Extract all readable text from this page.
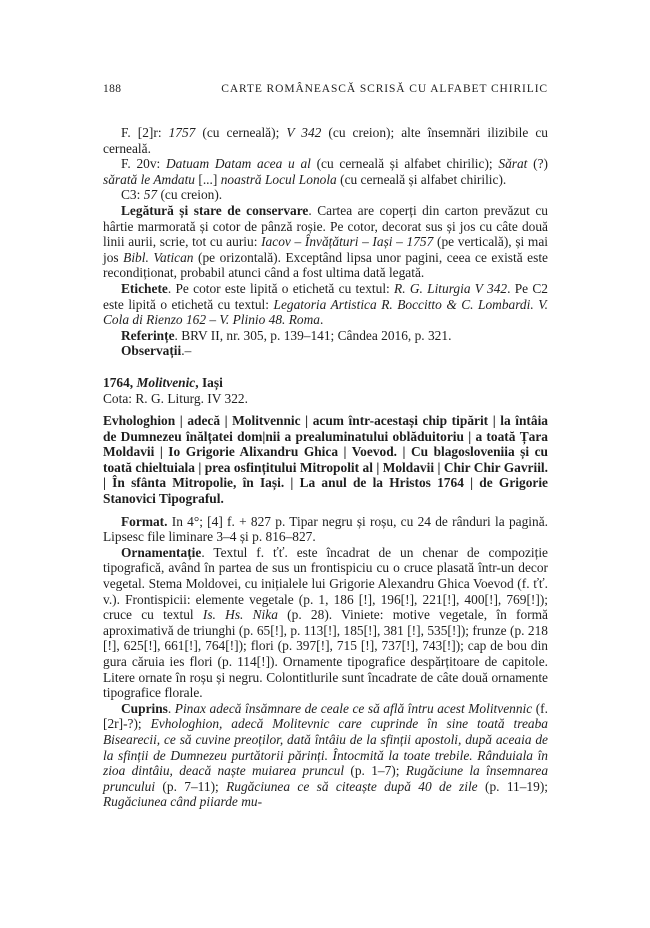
188	CARTE ROMÂNEASCĂ SCRISĂ CU ALFABET CHIRILIC

F. [2]r: 1757 (cu cerneală); V 342 (cu creion); alte însemnări ilizibile cu cerneală.

F. 20v: Datuam Datam acea u al (cu cerneală și alfabet chirilic); Sărat (?) sărată le Amdatu [...] noastră Locul Lonola (cu cerneală și alfabet chirilic).

C3: 57 (cu creion).

Legătură și stare de conservare. Cartea are coperți din carton prevăzut cu hârtie marmorată și cotor de pânză roșie. Pe cotor, decorat sus și jos cu câte două linii aurii, scrie, tot cu auriu: Iacov – Învățături – Iași – 1757 (pe verticală), și mai jos Bibl. Vatican (pe orizontală). Exceptând lipsa unor pagini, ceea ce există este recondiționat, probabil atunci când a fost ultima dată legată.

Etichete. Pe cotor este lipită o etichetă cu textul: R. G. Liturgia V 342. Pe C2 este lipită o etichetă cu textul: Legatoria Artistica R. Boccitto & C. Lombardi. V. Cola di Rienzo 162 – V. Plinio 48. Roma.

Referințe. BRV II, nr. 305, p. 139–141; Cândea 2016, p. 321.

Observații.–

1764, Molitvenic, Iași

Cota: R. G. Liturg. IV 322.

Evhologhion | adecă | Molitvennic | acum într-acestași chip tipărit | la întâia de Dumnezeu înălțatei dom|nii a prealuminatului oblăduitoriu | a toată Țara Moldavii | Io Grigorie Alixandru Ghica | Voevod. | Cu blagosloveniia și cu toată chieltuiala | prea osfințitului Mitropolit al | Moldavii | Chir Chir Gavriil. | În sfânta Mitropolie, în Iași. | La anul de la Hristos 1764 | de Grigorie Stanovici Tipograful.

Format. In 4°; [4] f. + 827 p. Tipar negru și roșu, cu 24 de rânduri la pagină. Lipsesc file liminare 3–4 și p. 816–827.

Ornamentație. Textul f. ťť. este încadrat de un chenar de compoziție tipografică, având în partea de sus un frontispiciu cu o cruce plasată într-un decor vegetal. Stema Moldovei, cu inițialele lui Grigorie Alexandru Ghica Voevod (f. ťť. v.). Frontispicii: elemente vegetale (p. 1, 186 [!], 196[!], 221[!], 400[!], 769[!]); cruce cu textul Is. Hs. Nika (p. 28). Viniete: motive vegetale, în formă aproximativă de triunghi (p. 65[!], p. 113[!], 185[!], 381 [!], 535[!]); frunze (p. 218 [!], 625[!], 661[!], 764[!]); flori (p. 397[!], 715 [!], 737[!], 743[!]); cap de bou din gura căruia ies flori (p. 114[!]). Ornamente tipografice despărțitoare de capitole. Litere ornate în roșu și negru. Colontitlurile sunt încadrate de câte două ornamente tipografice florale.

Cuprins. Pinax adecă însămnare de ceale ce să află întru acest Molitvennic (f. [2r]-?); Evhologhion, adecă Molitevnic care cuprinde în sine toată treaba Bisearecii, ce să cuvine preoților, dată întâiu de la sfinții apostoli, după aceaia de la sfinții de Dumnezeu purtătorii părinți. Întocmită la toate trebile. Rânduiala în zioa dintâiu, deacă naște muiarea pruncul (p. 1–7); Rugăciune la însemnarea pruncului (p. 7–11); Rugăciunea ce să citeaște după 40 de zile (p. 11–19); Rugăciunea când piiarde mu-
